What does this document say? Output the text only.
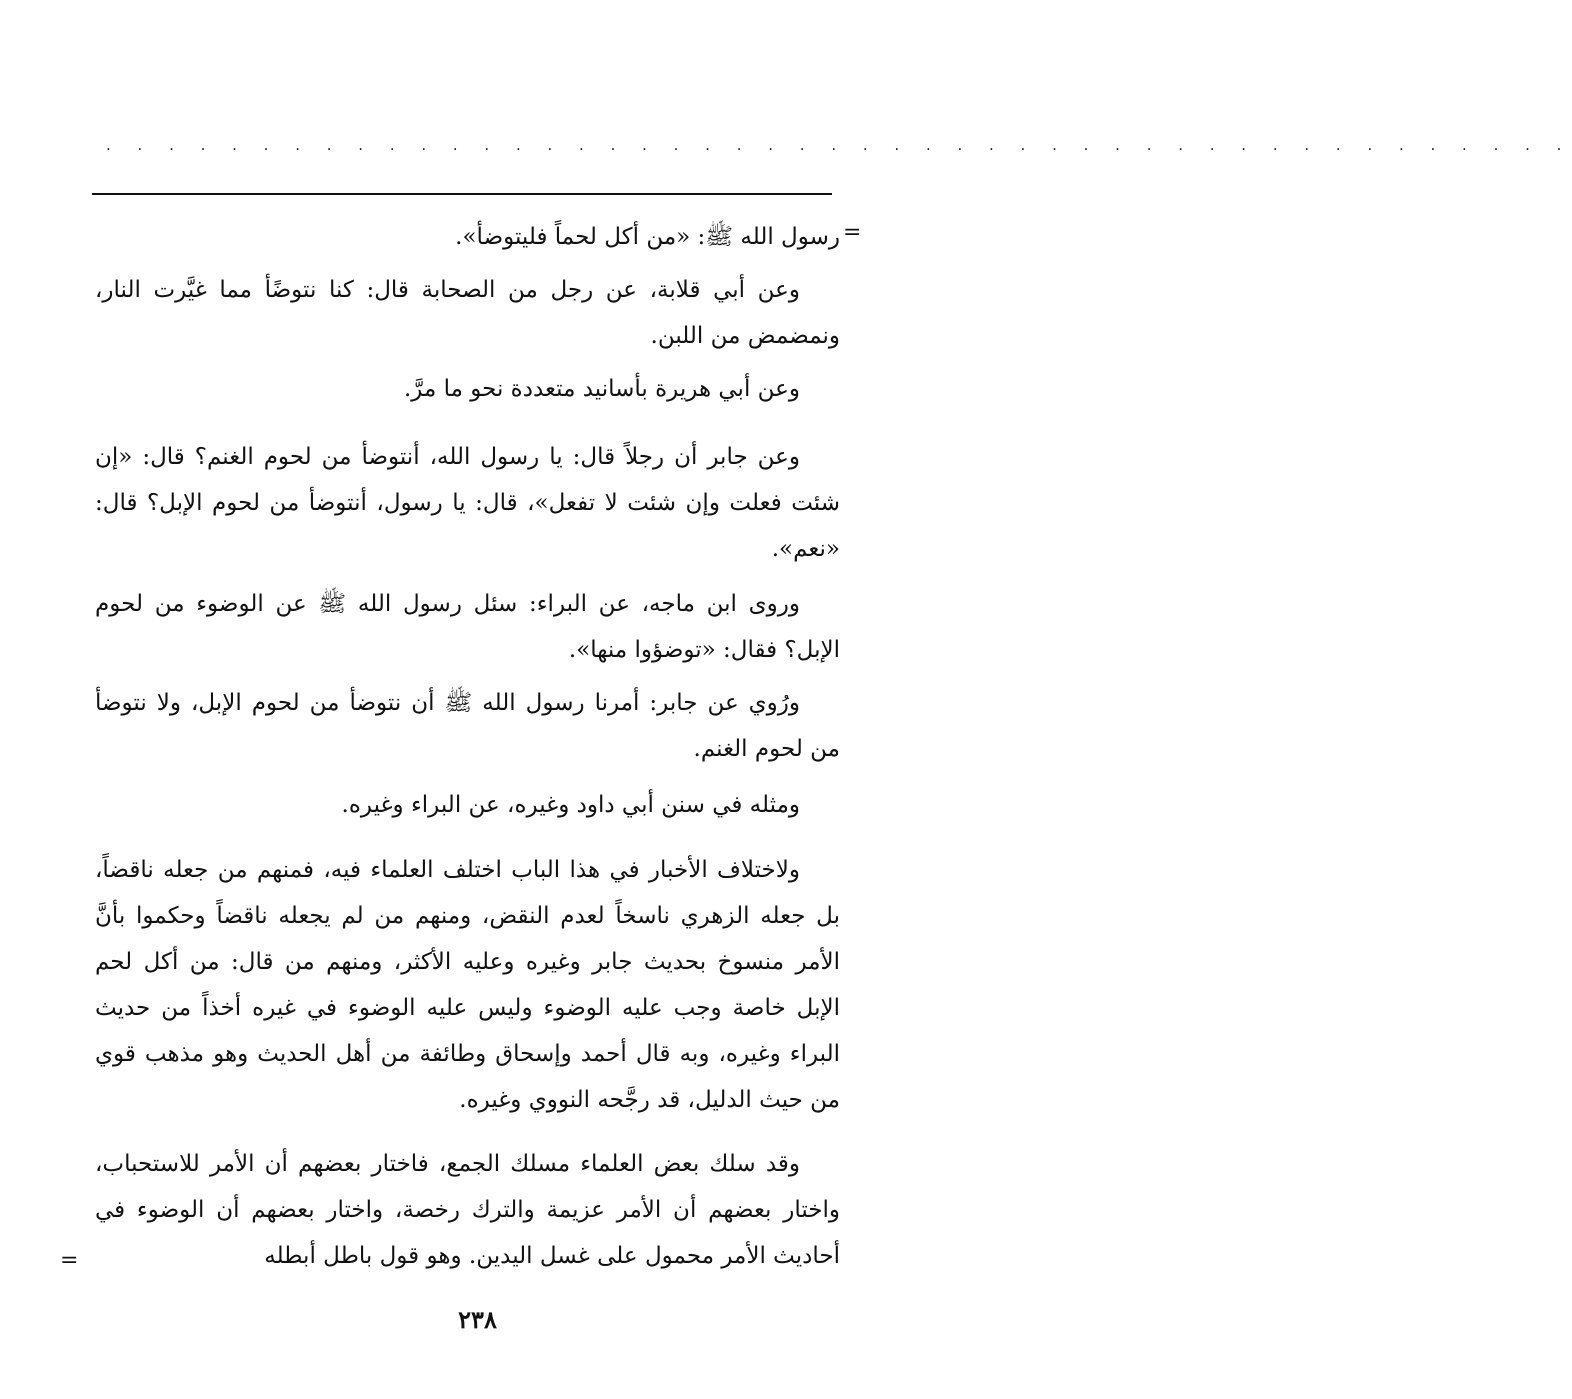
. . . . . . . . . . . . . . . . . . . . . . . . . . . . . . . . . . . . . . . . . . . . . . .
=
رسول الله ﷺ: «من أكل لحماً فليتوضأ».
وعن أبي قلابة، عن رجل من الصحابة قال: كنا نتوضًأ مما غيَّرت النار، ونمضمض من اللبن.
وعن أبي هريرة بأسانيد متعددة نحو ما مرَّ.
وعن جابر أن رجلاً قال: يا رسول الله، أنتوضأ من لحوم الغنم؟ قال: «إن شئت فعلت وإن شئت لا تفعل»، قال: يا رسول، أنتوضأ من لحوم الإبل؟ قال: «نعم».
وروى ابن ماجه، عن البراء: سئل رسول الله ﷺ عن الوضوء من لحوم الإبل؟ فقال: «توضؤوا منها».
ورُوي عن جابر: أمرنا رسول الله ﷺ أن نتوضأ من لحوم الإبل، ولا نتوضأ من لحوم الغنم.
ومثله في سنن أبي داود وغيره، عن البراء وغيره.
ولاختلاف الأخبار في هذا الباب اختلف العلماء فيه، فمنهم من جعله ناقضاً، بل جعله الزهري ناسخاً لعدم النقض، ومنهم من لم يجعله ناقضاً وحكموا بأنَّ الأمر منسوخ بحديث جابر وغيره وعليه الأكثر، ومنهم من قال: من أكل لحم الإبل خاصة وجب عليه الوضوء وليس عليه الوضوء في غيره أخذاً من حديث البراء وغيره، وبه قال أحمد وإسحاق وطائفة من أهل الحديث وهو مذهب قوي من حيث الدليل، قد رجَّحه النووي وغيره.
وقد سلك بعض العلماء مسلك الجمع، فاختار بعضهم أن الأمر للاستحباب، واختار بعضهم أن الأمر عزيمة والترك رخصة، واختار بعضهم أن الوضوء في أحاديث الأمر محمول على غسل اليدين. وهو قول باطل أبطله
=
٢٣٨
